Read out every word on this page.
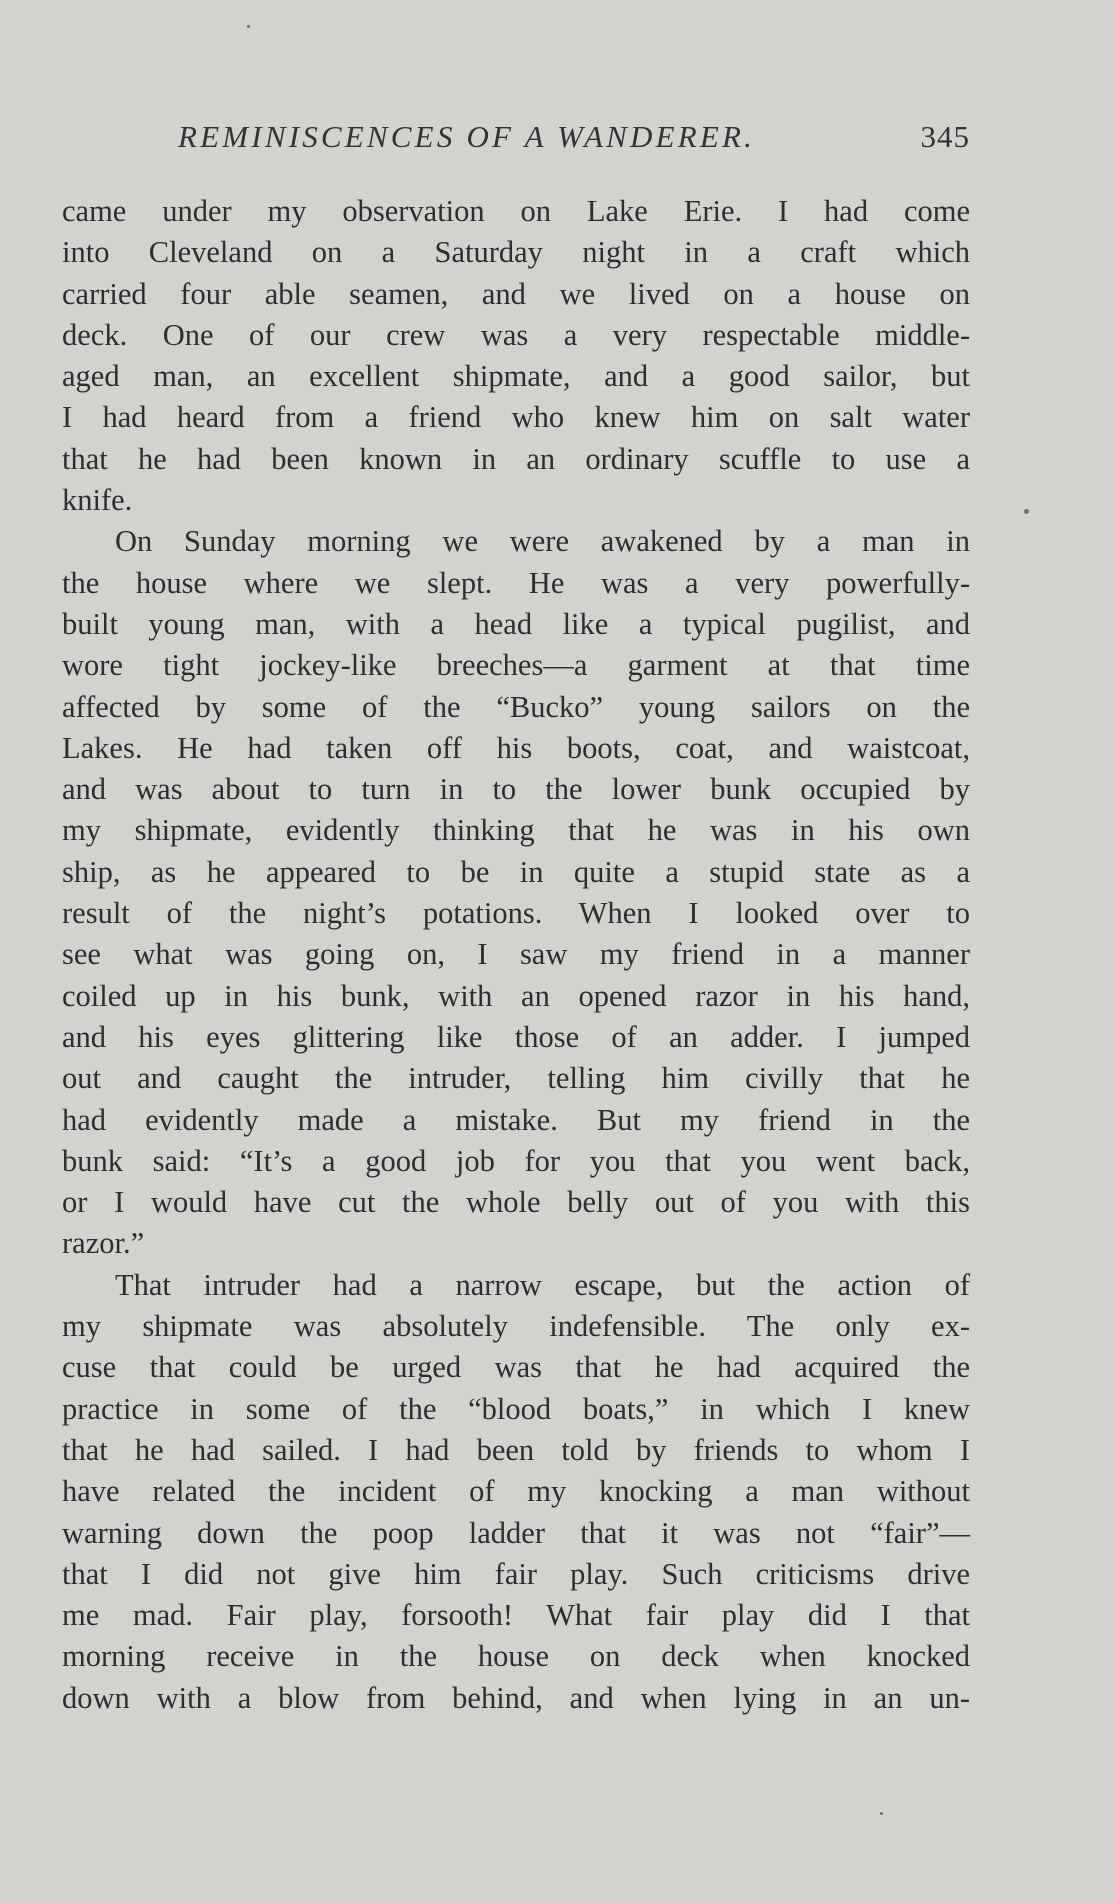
REMINISCENCES OF A WANDERER.	345
came under my observation on Lake Erie. I had come
into Cleveland on a Saturday night in a craft which
carried four able seamen, and we lived on a house on
deck. One of our crew was a very respectable middle-
aged man, an excellent shipmate, and a good sailor, but
I had heard from a friend who knew him on salt water
that he had been known in an ordinary scuffle to use a
knife.
On Sunday morning we were awakened by a man in
the house where we slept. He was a very powerfully-
built young man, with a head like a typical pugilist, and
wore tight jockey-like breeches—a garment at that time
affected by some of the “Bucko” young sailors on the
Lakes. He had taken off his boots, coat, and waistcoat,
and was about to turn in to the lower bunk occupied by
my shipmate, evidently thinking that he was in his own
ship, as he appeared to be in quite a stupid state as a
result of the night’s potations. When I looked over to
see what was going on, I saw my friend in a manner
coiled up in his bunk, with an opened razor in his hand,
and his eyes glittering like those of an adder. I jumped
out and caught the intruder, telling him civilly that he
had evidently made a mistake. But my friend in the
bunk said: “It’s a good job for you that you went back,
or I would have cut the whole belly out of you with this
razor.”
That intruder had a narrow escape, but the action of
my shipmate was absolutely indefensible. The only ex-
cuse that could be urged was that he had acquired the
practice in some of the “blood boats,” in which I knew
that he had sailed. I had been told by friends to whom I
have related the incident of my knocking a man without
warning down the poop ladder that it was not “fair”—
that I did not give him fair play. Such criticisms drive
me mad. Fair play, forsooth! What fair play did I that
morning receive in the house on deck when knocked
down with a blow from behind, and when lying in an un-
